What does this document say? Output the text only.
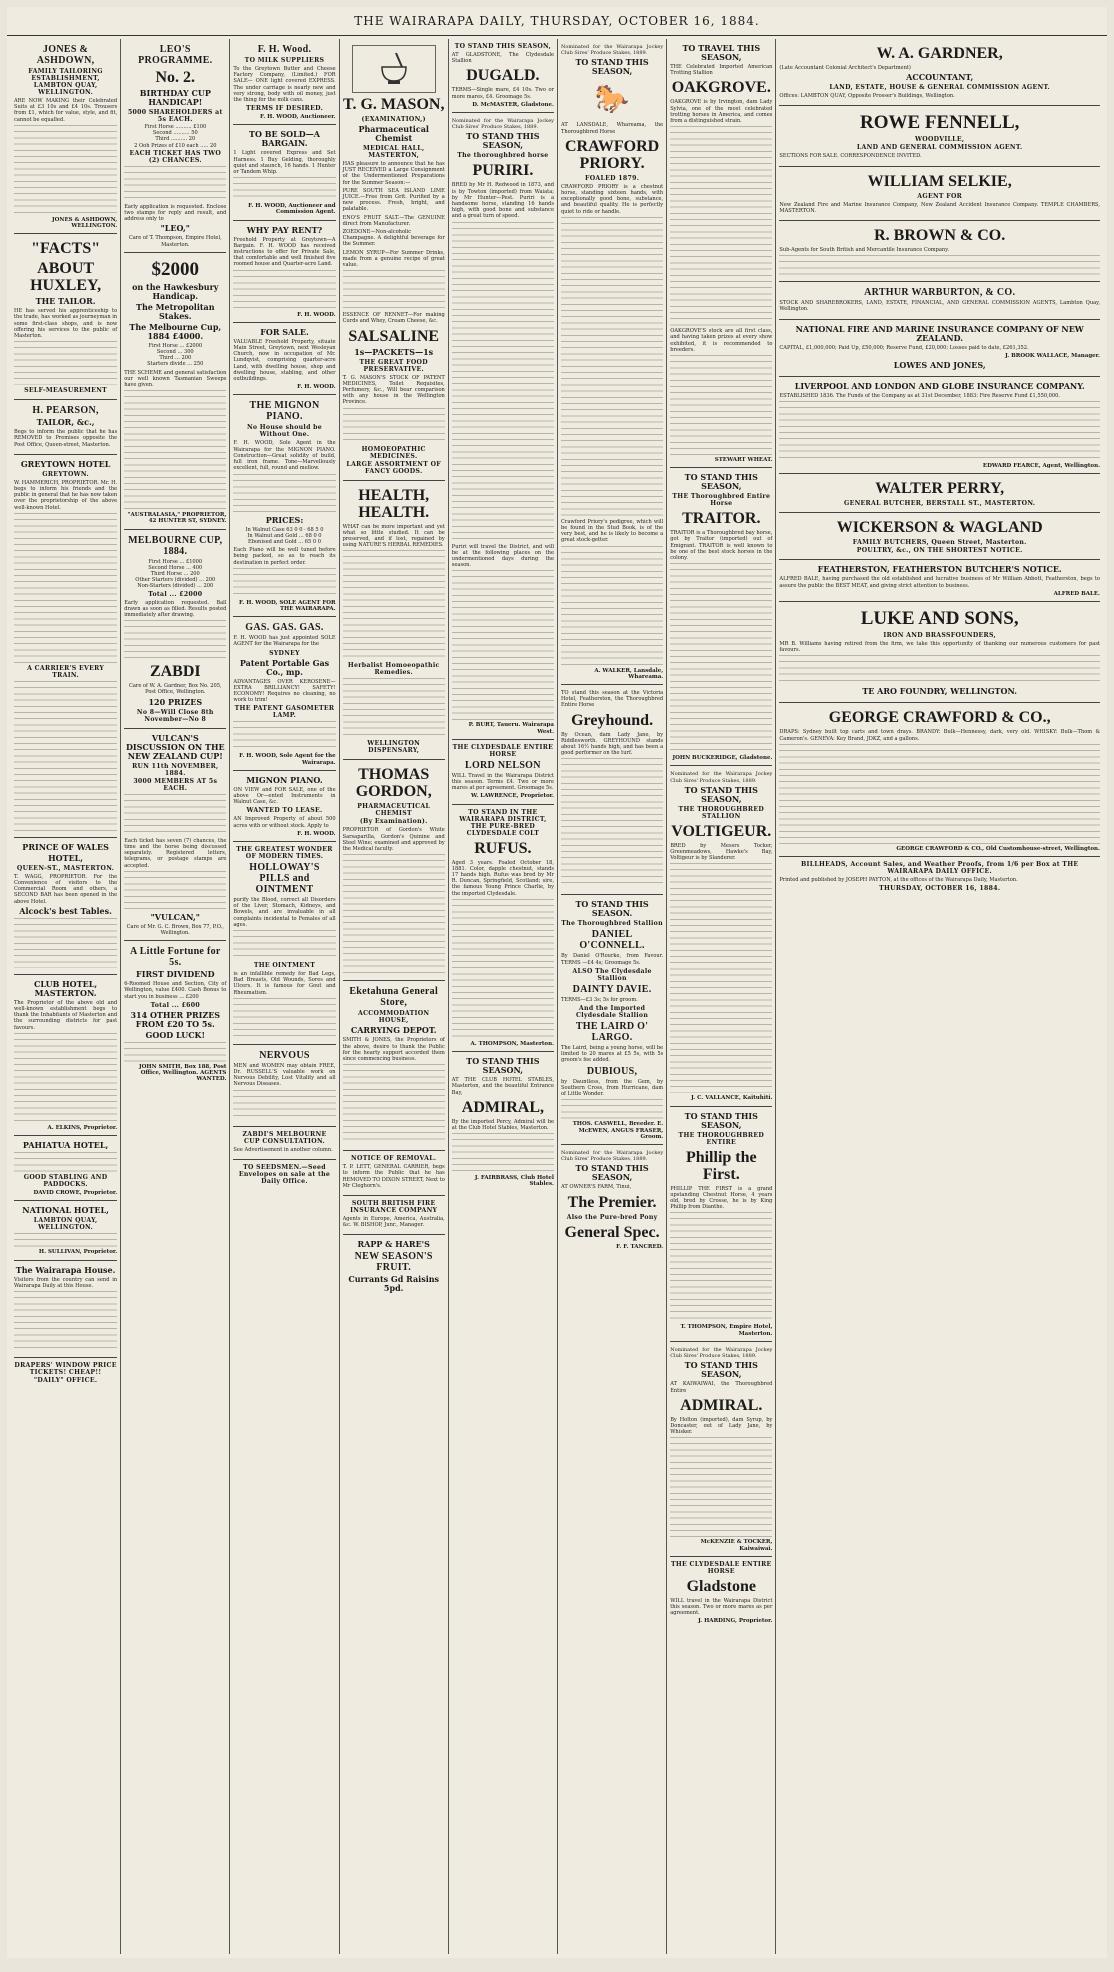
THE WAIRARAPA DAILY, THURSDAY, OCTOBER 16, 1884.
JONES & ASHDOWN,
FAMILY TAILORING ESTABLISHMENT, LAMBTON QUAY, WELLINGTON.
ARE NOW MAKING their Celebrated Suits at £3 10s and £4 10s. Trousers from £1, which for value, style, and fit, cannot be equalled.
JONES & ASHDOWN, WELLINGTON.
"FACTS"
ABOUT HUXLEY,
THE TAILOR.
HE has served his apprenticeship to the trade, has worked as journeyman in some first-class shops, and is now offering his services to the public of Masterton.
SELF-MEASUREMENT
H. PEARSON,
TAILOR, &c.,
Begs to inform the public that he has REMOVED to Premises opposite the Post Office, Queen-street, Masterton.
GREYTOWN HOTEL
GREYTOWN.
W. HAMMERICH, PROPRIETOR. Mr. H. begs to inform his friends and the public in general that he has now taken over the proprietorship of the above well-known Hotel.
A CARRIER'S EVERY TRAIN.
PRINCE OF WALES
HOTEL,
QUEEN-ST., MASTERTON.
T. WAGG, PROPRIETOR. For the Convenience of visitors to the Commercial Room and others, a SECOND BAR has been opened in the above Hotel.
Alcock's best Tables.
CLUB HOTEL, MASTERTON.
The Proprietor of the above old and well-known establishment begs to thank the Inhabitants of Masterton and the surrounding districts for past favours.
A. ELKINS, Proprietor.
PAHIATUA HOTEL,
GOOD STABLING AND PADDOCKS.
DAVID CROWE, Proprietor.
NATIONAL HOTEL,
LAMBTON QUAY, WELLINGTON.
H. SULLIVAN, Proprietor.
The Wairarapa House.
Visitors from the country can send in Wairarapa Daily at this House.
DRAPERS' WINDOW PRICE TICKETS! CHEAP!!
"DAILY" OFFICE.
LEO'S PROGRAMME.
No. 2.
BIRTHDAY CUP HANDICAP!
5000 SHAREHOLDERS at 5s EACH.
First Horse .......... £100
Second .......... 50
Third .......... 20
2 Ooh Prizes of £10 each ..... 20
EACH TICKET HAS TWO (2) CHANCES.
Early application is requested. Enclose two stamps for reply and result, and address only to
"LEO,"
Care of T. Thompson, Empire Hotel, Masterton.
$2000
on the Hawkesbury Handicap.
The Metropolitan Stakes.
The Melbourne Cup, 1884 £4000.
First Horse ... £2000
Second ... 300
Third ... 200
Starters divide ... 250
THE SCHEME and general satisfaction our well known Tasmanian Sweeps have given.
"AUSTRALASIA," PROPRIETOR, 42 HUNTER ST, SYDNEY.
MELBOURNE CUP, 1884.
First Horse ... £1000
Second Horse ... 400
Third Horse ... 200
Other Starters (divided) ... 200
Non-Starters (divided) ... 200
Total ... £2000
Early application requested. Ball drawn as soon as filled. Results posted immediately after drawing.
ZABDI
Care of W. A. Gardner, Box No. 205, Post Office, Wellington.
120 PRIZES
No 8—Will Close 8th November—No 8
VULCAN'S DISCUSSION ON THE NEW ZEALAND CUP!
RUN 11th NOVEMBER, 1884.
3000 MEMBERS AT 5s EACH.
Each ticket has seven (7) chances, the time and the horse being discussed separately. Registered letters, telegrams, or postage stamps are accepted.
"VULCAN,"
Care of Mr. G. C. Brown, Box 77, P.O., Wellington.
A Little Fortune for 5s.
FIRST DIVIDEND
6-Roomed House and Section, City of Wellington, value £400. Cash Bonus to start you in business ... £200
Total ... £600
314 OTHER PRIZES FROM £20 TO 5s.
GOOD LUCK!
JOHN SMITH, Box 188, Post Office, Wellington. AGENTS WANTED.
F. H. Wood.
TO MILK SUPPLIERS
To the Greytown Butter and Cheese Factory Company, (Limited.) FOR SALE— ONE light covered EXPRESS. The under carriage is nearly new and very strong, body with oil money, just the thing for the milk cans.
TERMS IF DESIRED.
F. H. WOOD, Auctioneer.
TO BE SOLD—A BARGAIN.
1 Light covered Express and Set Harness. 1 Buy Gelding, thoroughly quiet and staunch, 16 hands. 1 Hunter or Tandem Whip.
F. H. WOOD, Auctioneer and Commission Agent.
WHY PAY RENT?
Freehold Property at Greytown—A Bargain. F. H. WOOD has received instructions to offer for Private Sale, that comfortable and well finished five roomed house and Quarter-acre Land.
F. H. WOOD.
FOR SALE.
VALUABLE Freehold Property, situate Main Street, Greytown, next Wesleyan Church, now in occupation of Mr. Lundqvist, comprising quarter-acre Land, with dwelling house, shop and dwelling house, stabling, and other outbuildings.
F. H. WOOD.
THE MIGNON PIANO.
No House should be Without One.
F. H. WOOD, Sole Agent in the Wairarapa for the MIGNON PIANO. Construction—Great solidity of build, full iron frame. Tone—Marvellously excellent, full, round and mellow.
PRICES:
In Walnut Case 63 0 0 · 68 5 0
In Walnut and Gold ... 68 0 0
Ebonised and Gold ... 65 0 0
Each Piano will be well tuned before being packed, so as to reach its destination in perfect order.
F. H. WOOD, SOLE AGENT FOR THE WAIRARAPA.
GAS. GAS. GAS.
F. H. WOOD has just appointed SOLE AGENT for the Wairarapa for the
SYDNEY
Patent Portable Gas Co., mp.
ADVANTAGES OVER KEROSENE—EXTRA BRILLIANCY! SAFETY! ECONOMY! Requires no cleaning, no work to trim!
THE PATENT GASOMETER LAMP.
F. H. WOOD, Sole Agent for the Wairarapa.
MIGNON PIANO.
ON VIEW and FOR SALE, one of the above Or—ented Instruments in Walnut Case, &c.
WANTED TO LEASE.
AN Improved Property of about 500 acres with or without stock. Apply to
F. H. WOOD.
THE GREATEST WONDER OF MODERN TIMES.
HOLLOWAY'S PILLS and OINTMENT
purify the Blood, correct all Disorders of the Liver, Stomach, Kidneys, and Bowels, and are invaluable in all complaints incidental to Females of all ages.
THE OINTMENT
is an infallible remedy for Bad Legs, Bad Breasts, Old Wounds, Sores and Ulcers. It is famous for Gout and Rheumatism.
NERVOUS
MEN and WOMEN may obtain FREE, Dr. RUSSELL'S valuable work on Nervous Debility, Lost Vitality and all Nervous Diseases.
ZABDI'S MELBOURNE CUP CONSULTATION.
See Advertisement in another column.
TO SEEDSMEN.—Seed Envelopes on sale at the Daily Office.
T. G. MASON,
(EXAMINATION,)
Pharmaceutical Chemist
MEDICAL HALL, MASTERTON,
HAS pleasure to announce that he has JUST RECEIVED a Large Consignment of the Undermentioned Preparations for the Summer Season:—
PURE SOUTH SEA ISLAND LIME JUICE.—Free from Grit. Purified by a new process. Fresh, bright, and palatable.
ENO'S FRUIT SALT.—The GENUINE direct from Manufacturer.
ZOEDONE—Non-alcoholic Champagne. A delightful beverage for the Summer.
LEMON SYRUP—For Summer Drinks, made from a genuine recipe of great value.
ESSENCE OF RENNET—For making Curds and Whey, Cream Cheese, &c.
SALSALINE
1s—PACKETS—1s
THE GREAT FOOD PRESERVATIVE.
T. G. MASON'S STOCK OF PATENT MEDICINES, Toilet Requisites, Perfumery, &c., Will bear comparison with any house in the Wellington Province.
HOMOEOPATHIC MEDICINES.
LARGE ASSORTMENT OF FANCY GOODS.
HEALTH, HEALTH.
WHAT can be more important and yet what so little studied. It can be preserved, and if lost, regained by using NATURE'S HERBAL REMEDIES.
Herbalist Homoeopathic Remedies.
WELLINGTON DISPENSARY,
THOMAS GORDON,
PHARMACEUTICAL CHEMIST
(By Examination).
PROPRIETOR of Gordon's White Sarsaparilla, Gordon's Quinine and Steel Wine; examined and approved by the Medical faculty.
Eketahuna General Store,
ACCOMMODATION HOUSE,
CARRYING DEPOT.
SMITH & JONES, the Proprietors of the above, desire to thank the Public for the hearty support accorded them since commencing business.
NOTICE OF REMOVAL.
T. P. LETT, GENERAL CARRIER, begs to inform the Public that he has REMOVED TO DIXON STREET, Next to Mr Cleghorn's.
SOUTH BRITISH FIRE INSURANCE COMPANY
Agents in Europe, America, Australia, &c. W. BISHOP, Junr., Manager.
RAPP & HARE'S
NEW SEASON'S FRUIT.
Currants Gd Raisins 5pd.
TO STAND THIS SEASON,
AT GLADSTONE, The Clydesdale Stallion
DUGALD.
TERMS—Single mare, £4 10s. Two or more mares, £4. Groomage 5s.
D. McMASTER, Gladstone.
Nominated for the Wairarapa Jockey Club Sires' Produce Stakes, 1889.
TO STAND THIS SEASON,
The thoroughbred horse
PURIRI.
BRED by Mr H. Redwood in 1873, and is by Towton (imported) from Waiata; by Mr Hunter—Pest. Puriri is a handsome horse, standing 16 hands high, with good bone and substance and a great turn of speed.
Puriri will travel the District, and will be at the following places on the undermentioned days during the season.
P. BURT, Taueru. Wairarapa West.
THE CLYDESDALE ENTIRE HORSE
LORD NELSON
WILL Travel in the Wairarapa District this season. Terms £4. Two or more mares at per agreement. Groomage 5s.
W. LAWRENCE, Proprietor.
TO STAND IN THE WAIRARAPA DISTRICT, THE PURE-BRED CLYDESDALE COLT
RUFUS.
Aged 3 years. Foaled October 18, 1881. Color, dapple chestnut, stands 17 hands high. Rufus was bred by Mr R. Duncan, Springfield, Scotland; sire, the famous Young Prince Charlie, by the imported Clydesdale.
A. THOMPSON, Masterton.
TO STAND THIS SEASON,
AT THE CLUB HOTEL STABLES, Masterton, and the beautiful Entrance Bay,
ADMIRAL,
By the imported Percy, Admiral will be at the Club Hotel Stables, Masterton.
J. FAIRBRASS, Club Hotel Stables.
Nominated for the Wairarapa Jockey Club Sires' Produce Stakes, 1889.
TO STAND THIS SEASON,
🐎
AT LANSDALE, Whareama, the Thoroughbred Horse
CRAWFORD PRIORY.
FOALED 1879.
CRAWFORD PRIORY is a chestnut horse, standing sixteen hands, with exceptionally good bone, substance, and beautiful quality. He is perfectly quiet to ride or handle.
Crawford Priory's pedigree, which will be found in the Stud Book, is of the very best, and he is likely to become a great stock-getter.
A. WALKER, Lansdale, Whareama.
TO stand this season at the Victoria Hotel, Featherston, the Thoroughbred Entire Horse
Greyhound.
By Ocean, dam Lady Jane, by Riddlesworth. GREYHOUND stands about 16½ hands high, and has been a good performer on the turf.
TO STAND THIS SEASON.
The Thoroughbred Stallion
DANIEL O'CONNELL.
By Daniel O'Rourke, from Favour. TERMS —£4 4s; Groomage 5s.
ALSO The Clydesdale Stallion
DAINTY DAVIE.
TERMS—£3 3s; 5s for groom.
And the Imported Clydesdale Stallion
THE LAIRD O' LARGO.
The Laird, being a young horse, will be limited to 20 mares at £5 5s, with 5s groom's fee added.
DUBIOUS,
by Dauntless, from the Gem, by Southern Cross, from Hurricane, dam of Little Wonder.
THOS. CASWELL, Breeder. E. McEWEN, ANGUS FRASER, Groom.
Nominated for the Wairarapa Jockey Club Sires' Produce Stakes, 1889.
TO STAND THIS SEASON,
AT OWNER'S FARM, Tinui,
The Premier.
Also the Pure-bred Pony
General Spec.
F. F. TANCRED.
TO TRAVEL THIS SEASON,
THE Celebrated Imported American Trotting Stallion
OAKGROVE.
OAKGROVE is by Irvington, dam Lady Sylvia, one of the most celebrated trotting horses in America, and comes from a distinguished strain.
OAKGROVE'S stock are all first class, and having taken prizes at every show exhibited, it is recommended to breeders.
STEWART WHEAT.
TO STAND THIS SEASON,
THE Thoroughbred Entire Horse
TRAITOR.
TRAITOR is a Thoroughbred bay horse, got by Traitor (imported) out of Emigrant. TRAITOR is well known to be one of the best stock horses in the colony.
JOHN BUCKERIDGE, Gladstone.
Nominated for the Wairarapa Jockey Club Sires' Produce Stakes, 1889.
TO STAND THIS SEASON,
THE THOROUGHBRED STALLION
VOLTIGEUR.
BRED by Messrs Tocker, Greenmeadows, Hawke's Bay, Voltigeur is by Slanderer.
J. C. VALLANCE, Kaituhiti.
TO STAND THIS SEASON,
THE THOROUGHBRED ENTIRE
Phillip the First.
PHILLIP THE FIRST is a grand upstanding Chestnut Horse, 4 years old, bred by Crosse, he is by King Phillip from Dianthe.
T. THOMPSON, Empire Hotel, Masterton.
Nominated for the Wairarapa Jockey Club Sires' Produce Stakes, 1889.
TO STAND THIS SEASON,
AT KAIWAIWAI, the Thoroughbred Entire
ADMIRAL.
By Holton (imported), dam Syrup, by Doncaster, out of Lady Jane, by Whisker.
McKENZIE & TOCKER, Kaiwaiwai.
THE CLYDESDALE ENTIRE HORSE
Gladstone
WILL travel in the Wairarapa District this season. Two or more mares as per agreement.
J. HARDING, Proprietor.
W. A. GARDNER,
(Late Accountant Colonial Architect's Department)
ACCOUNTANT,
LAND, ESTATE, HOUSE & GENERAL COMMISSION AGENT.
Offices: LAMBTON QUAY, Opposite Prosser's Buildings, Wellington.
ROWE FENNELL,
WOODVILLE,
LAND AND GENERAL COMMISSION AGENT.
SECTIONS FOR SALE. CORRESPONDENCE INVITED.
WILLIAM SELKIE,
AGENT FOR
New Zealand Fire and Marine Insurance Company, New Zealand Accident Insurance Company. TEMPLE CHAMBERS, MASTERTON.
R. BROWN & CO.
Sub-Agents for South British and Mercantile Insurance Company.
ARTHUR WARBURTON, & CO.
STOCK AND SHAREBROKERS, LAND, ESTATE, FINANCIAL, AND GENERAL COMMISSION AGENTS, Lambton Quay, Wellington.
NATIONAL FIRE AND MARINE INSURANCE COMPANY OF NEW ZEALAND.
CAPITAL, £1,000,000; Paid Up, £50,000; Reserve Fund, £20,000; Losses paid to date, £261,352.
J. BROOK WALLACE, Manager.
LOWES AND JONES,
LIVERPOOL AND LONDON AND GLOBE INSURANCE COMPANY.
ESTABLISHED 1836. The Funds of the Company as at 31st December, 1883: Fire Reserve Fund £1,550,000.
EDWARD FEARCE, Agent, Wellington.
WALTER PERRY,
GENERAL BUTCHER, BERSTALL ST., MASTERTON.
WICKERSON & WAGLAND
FAMILY BUTCHERS, Queen Street, Masterton.
POULTRY, &c., ON THE SHORTEST NOTICE.
FEATHERSTON, FEATHERSTON BUTCHER'S NOTICE.
ALFRED BALE, having purchased the old established and lucrative business of Mr William Abbott, Featherston, begs to assure the public the BEST MEAT, and giving strict attention to business.
ALFRED BALE.
LUKE AND SONS,
IRON AND BRASSFOUNDERS,
MR B. Williams having retired from the firm, we take this opportunity of thanking our numerous customers for past favours.
TE ARO FOUNDRY, WELLINGTON.
GEORGE CRAWFORD & CO.,
DRAPS: Sydney built top carts and town drays. BRANDY: Bulk—Hennessy, dark, very old. WHISKY: Bulk—Thom & Cameron's. GENEVA: Key Brand, JDKZ, and a gallons.
GEORGE CRAWFORD & CO., Old Customhouse-street, Wellington.
BILLHEADS, Account Sales, and Weather Proofs, from 1/6 per Box at THE WAIRARAPA DAILY OFFICE.
Printed and published by JOSEPH PAYTON, at the offices of the Wairarapa Daily, Masterton.
THURSDAY, OCTOBER 16, 1884.
